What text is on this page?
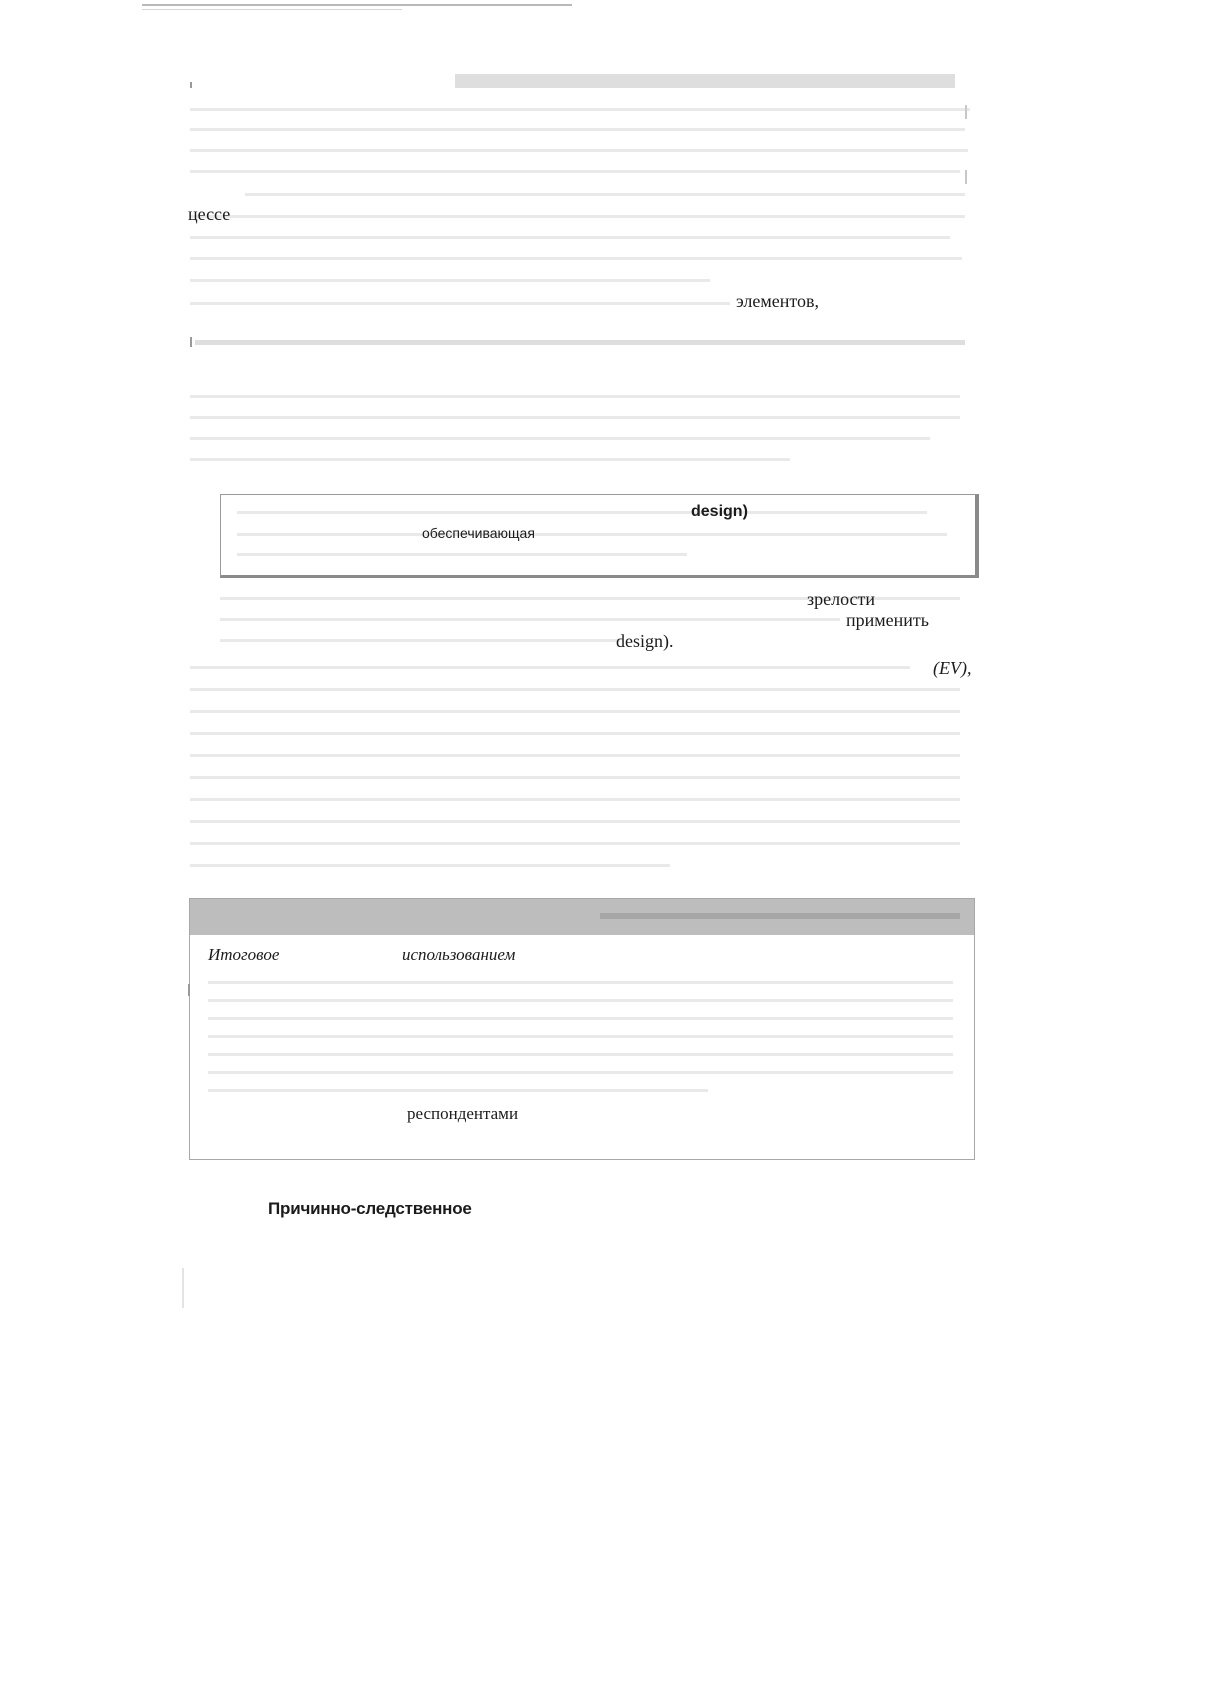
цессе
элементов,
design)
обеспечивающая
зрелости
применить
design).
(EV),
Итоговое	использованием
респондентами
Причинно-следственное
